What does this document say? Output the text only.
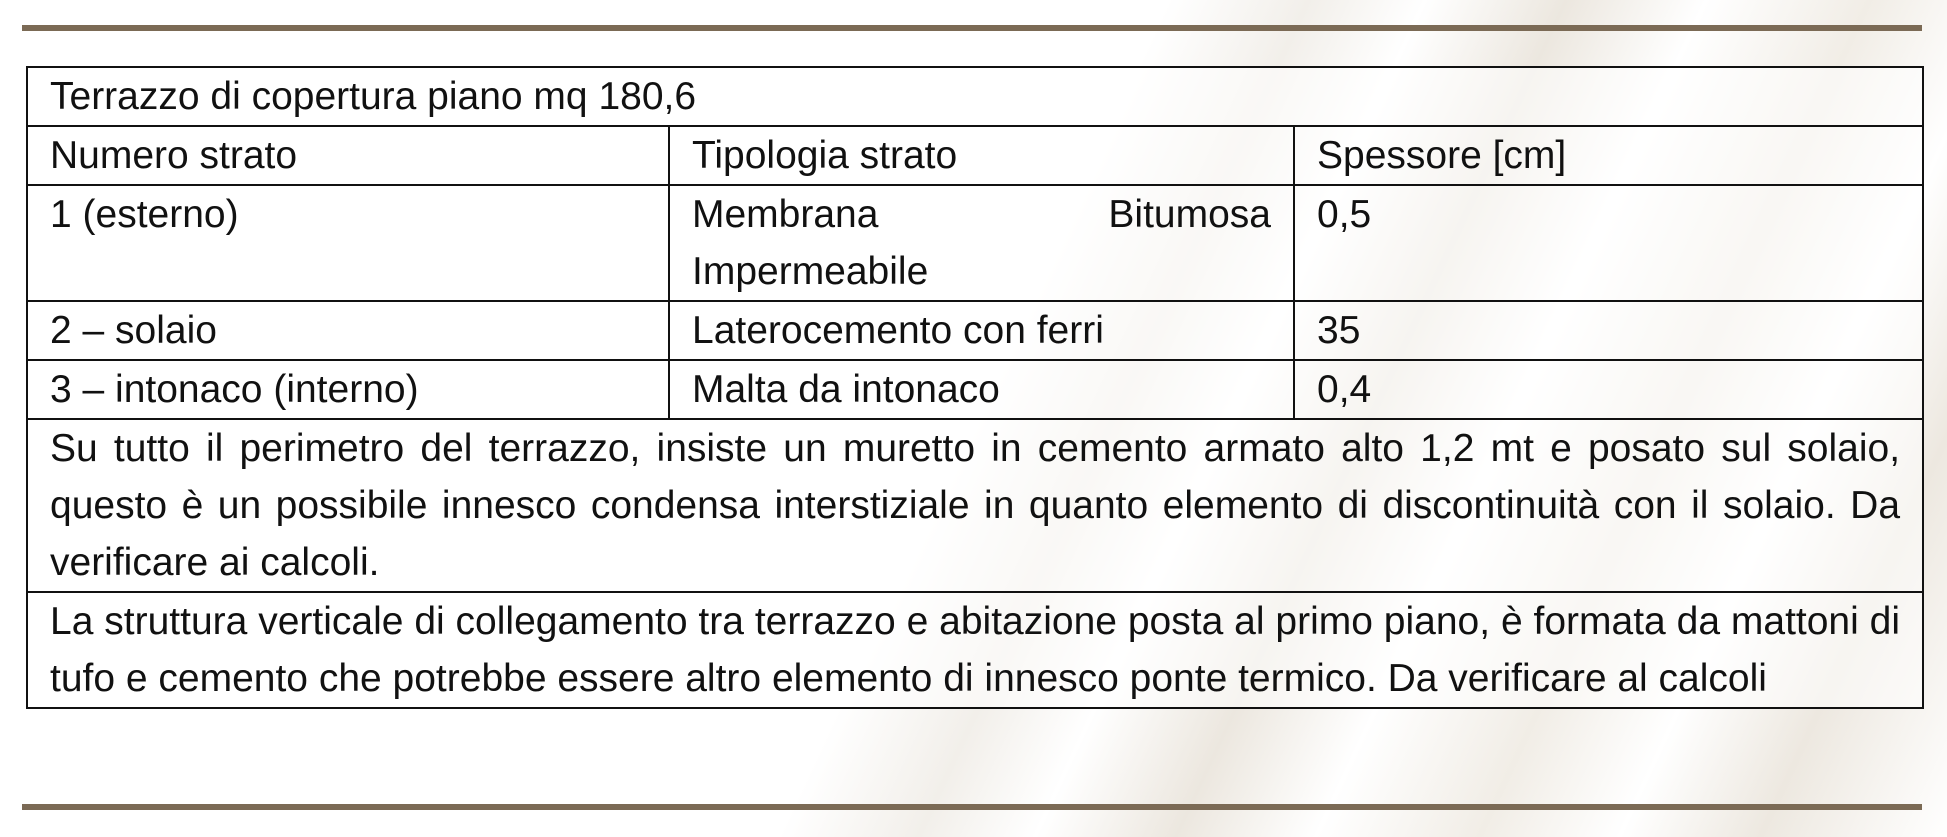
Terrazzo di copertura piano mq 180,6		
Numero strato	Tipologia strato	Spessore [cm]
1 (esterno)	Membrana Bitumosa Impermeabile	0,5
2 – solaio	Laterocemento con ferri	35
3 – intonaco (interno)	Malta da intonaco	0,4
Su tutto il perimetro del terrazzo, insiste un muretto in cemento armato alto 1,2 mt e posato sul solaio, questo è un possibile innesco condensa interstiziale in quanto elemento di discontinuità con il solaio. Da verificare ai calcoli.		
La struttura verticale di collegamento tra terrazzo e abitazione posta al primo piano, è formata da mattoni di tufo e cemento che potrebbe essere altro elemento di innesco ponte termico. Da verificare al calcoli		
